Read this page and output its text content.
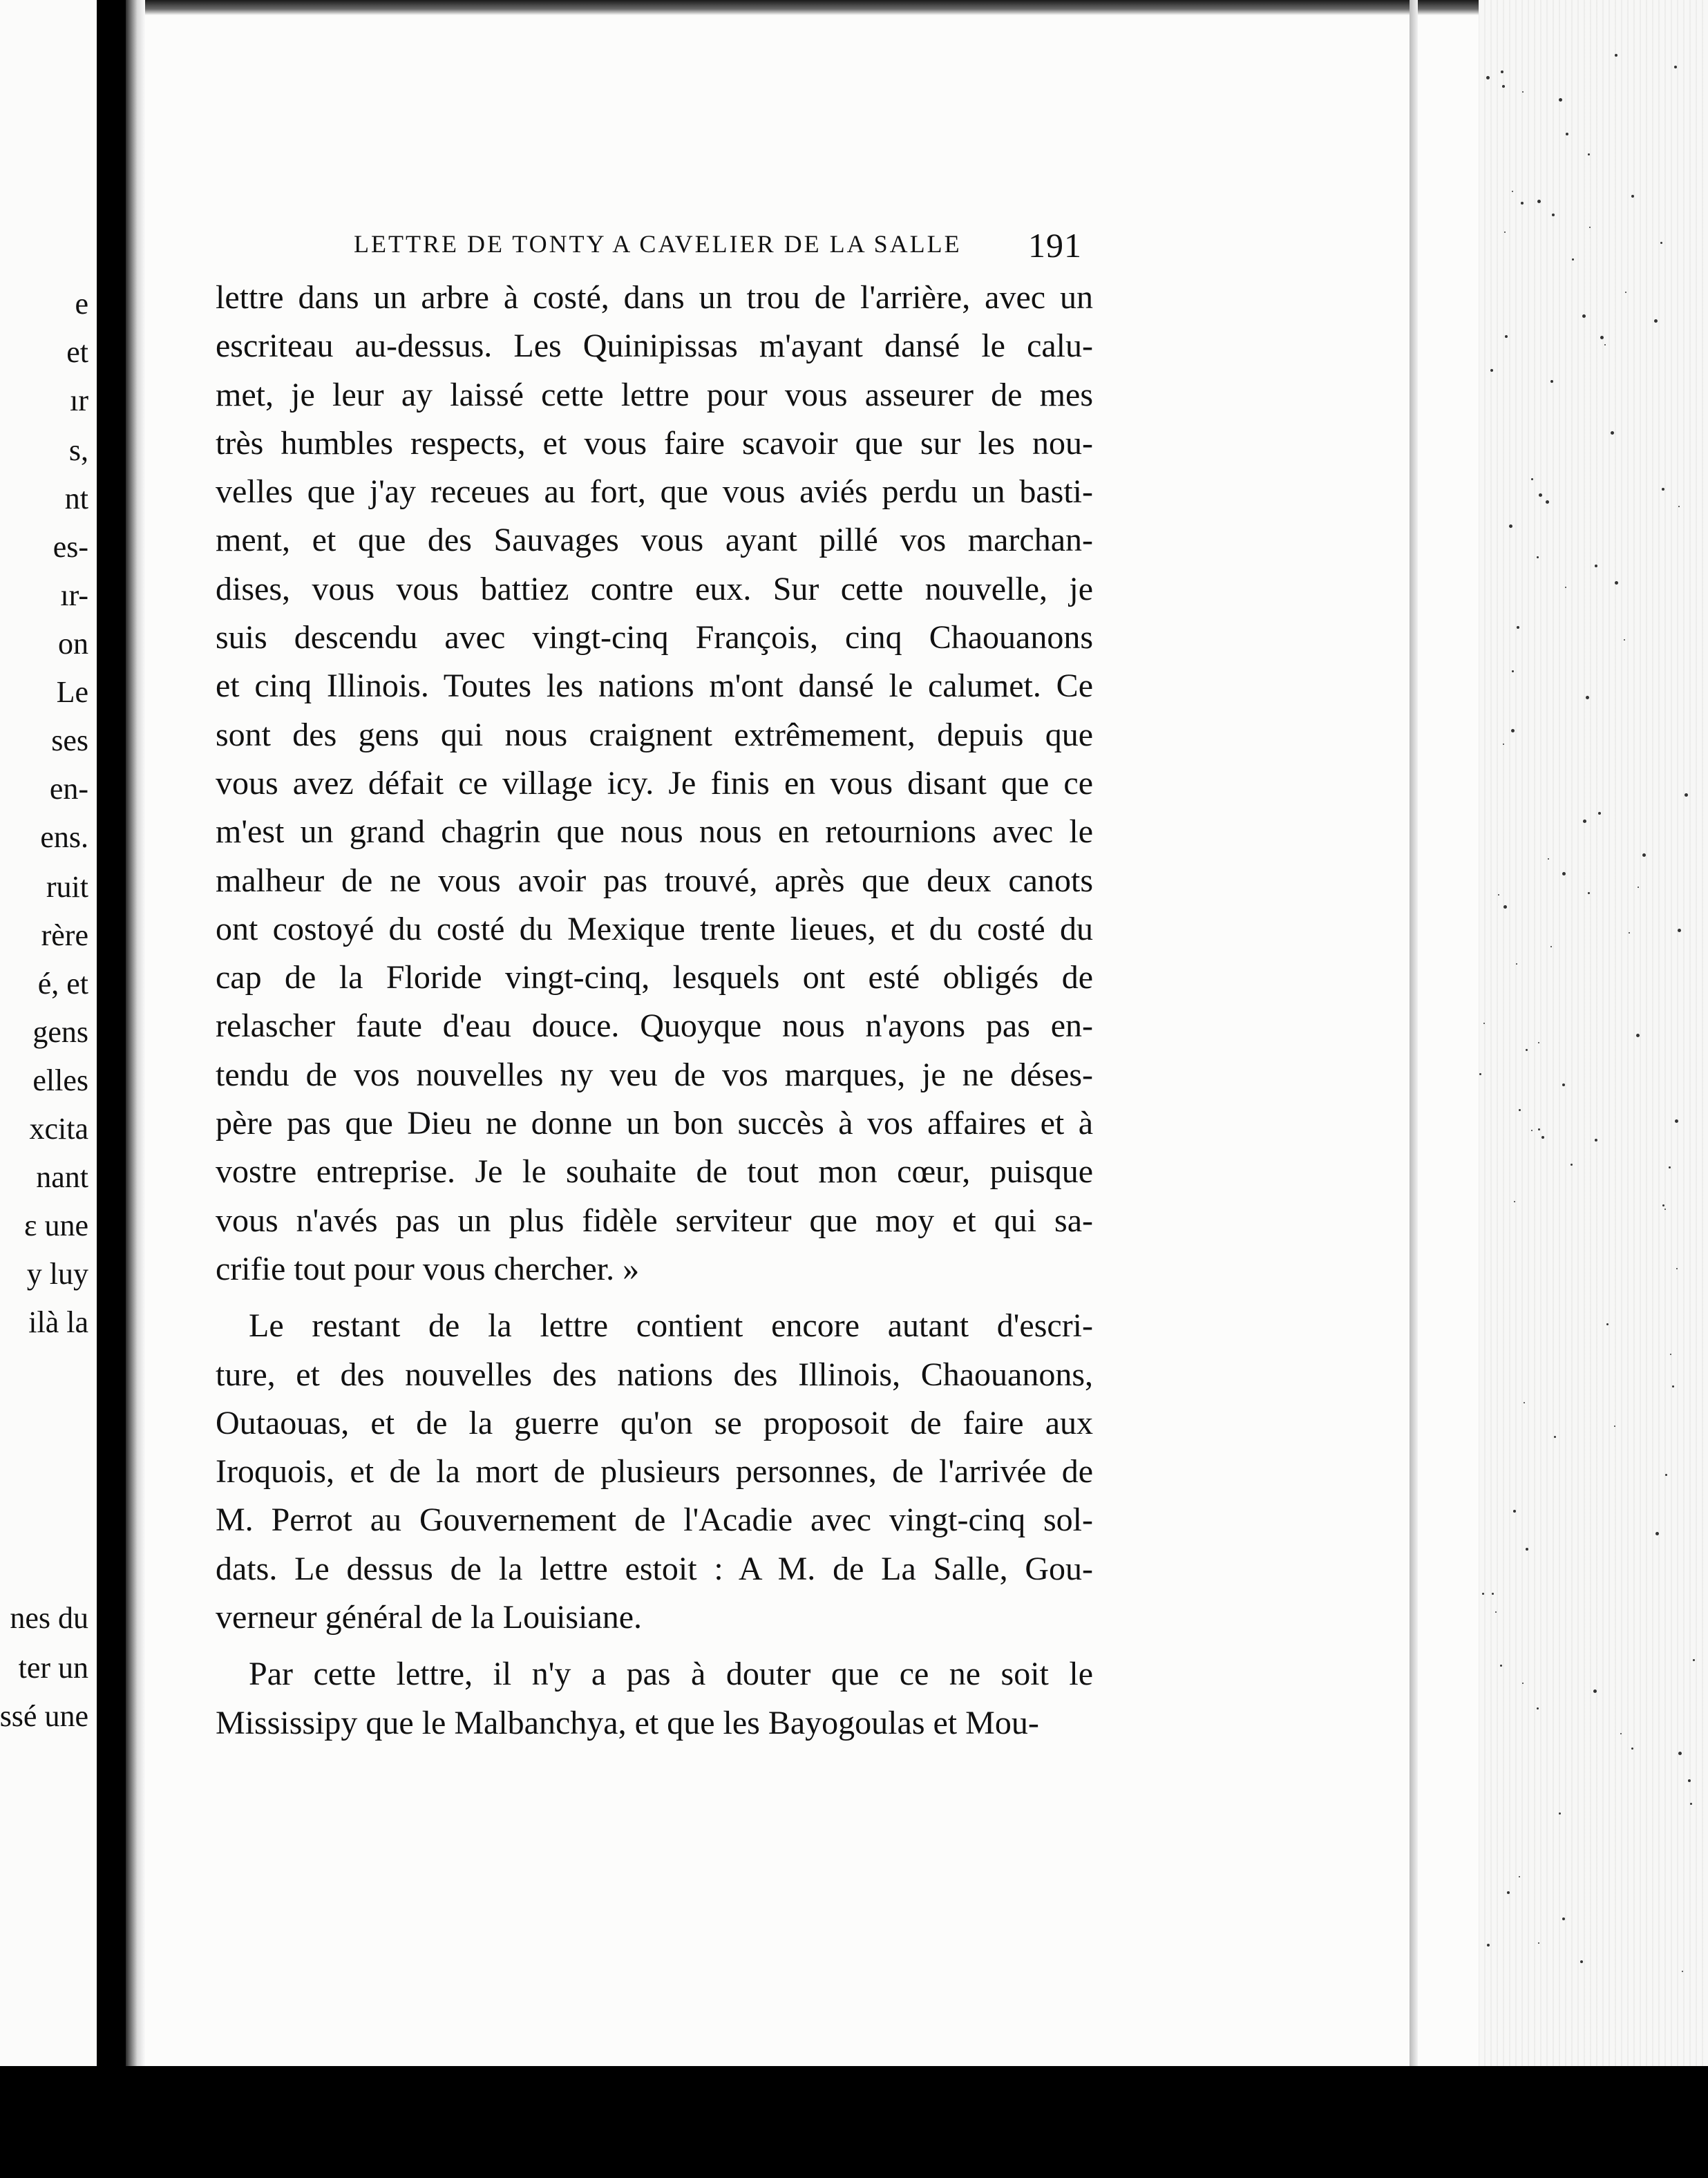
e
et
ır
s,
nt
es-
ır-
on
Le
ses
en-
ens.
ruit
rère
é, et
gens
elles
xcita
nant
ε une
y luy
ilà la
nes du
ter un
ssé une
LETTRE DE TONTY A CAVELIER DE LA SALLE 191
lettre dans un arbre à costé, dans un trou de l'arrière, avec un
escriteau au-dessus. Les Quinipissas m'ayant dansé le calu-
met, je leur ay laissé cette lettre pour vous asseurer de mes
très humbles respects, et vous faire scavoir que sur les nou-
velles que j'ay receues au fort, que vous aviés perdu un basti-
ment, et que des Sauvages vous ayant pillé vos marchan-
dises, vous vous battiez contre eux. Sur cette nouvelle, je
suis descendu avec vingt-cinq François, cinq Chaouanons
et cinq Illinois. Toutes les nations m'ont dansé le calumet. Ce
sont des gens qui nous craignent extrêmement, depuis que
vous avez défait ce village icy. Je finis en vous disant que ce
m'est un grand chagrin que nous nous en retournions avec le
malheur de ne vous avoir pas trouvé, après que deux canots
ont costoyé du costé du Mexique trente lieues, et du costé du
cap de la Floride vingt-cinq, lesquels ont esté obligés de
relascher faute d'eau douce. Quoyque nous n'ayons pas en-
tendu de vos nouvelles ny veu de vos marques, je ne déses-
père pas que Dieu ne donne un bon succès à vos affaires et à
vostre entreprise. Je le souhaite de tout mon cœur, puisque
vous n'avés pas un plus fidèle serviteur que moy et qui sa-
crifie tout pour vous chercher. »
Le restant de la lettre contient encore autant d'escri-
ture, et des nouvelles des nations des Illinois, Chaouanons,
Outaouas, et de la guerre qu'on se proposoit de faire aux
Iroquois, et de la mort de plusieurs personnes, de l'arrivée de
M. Perrot au Gouvernement de l'Acadie avec vingt-cinq sol-
dats. Le dessus de la lettre estoit : A M. de La Salle, Gou-
verneur général de la Louisiane.
Par cette lettre, il n'y a pas à douter que ce ne soit le
Mississipy que le Malbanchya, et que les Bayogoulas et Mou-
